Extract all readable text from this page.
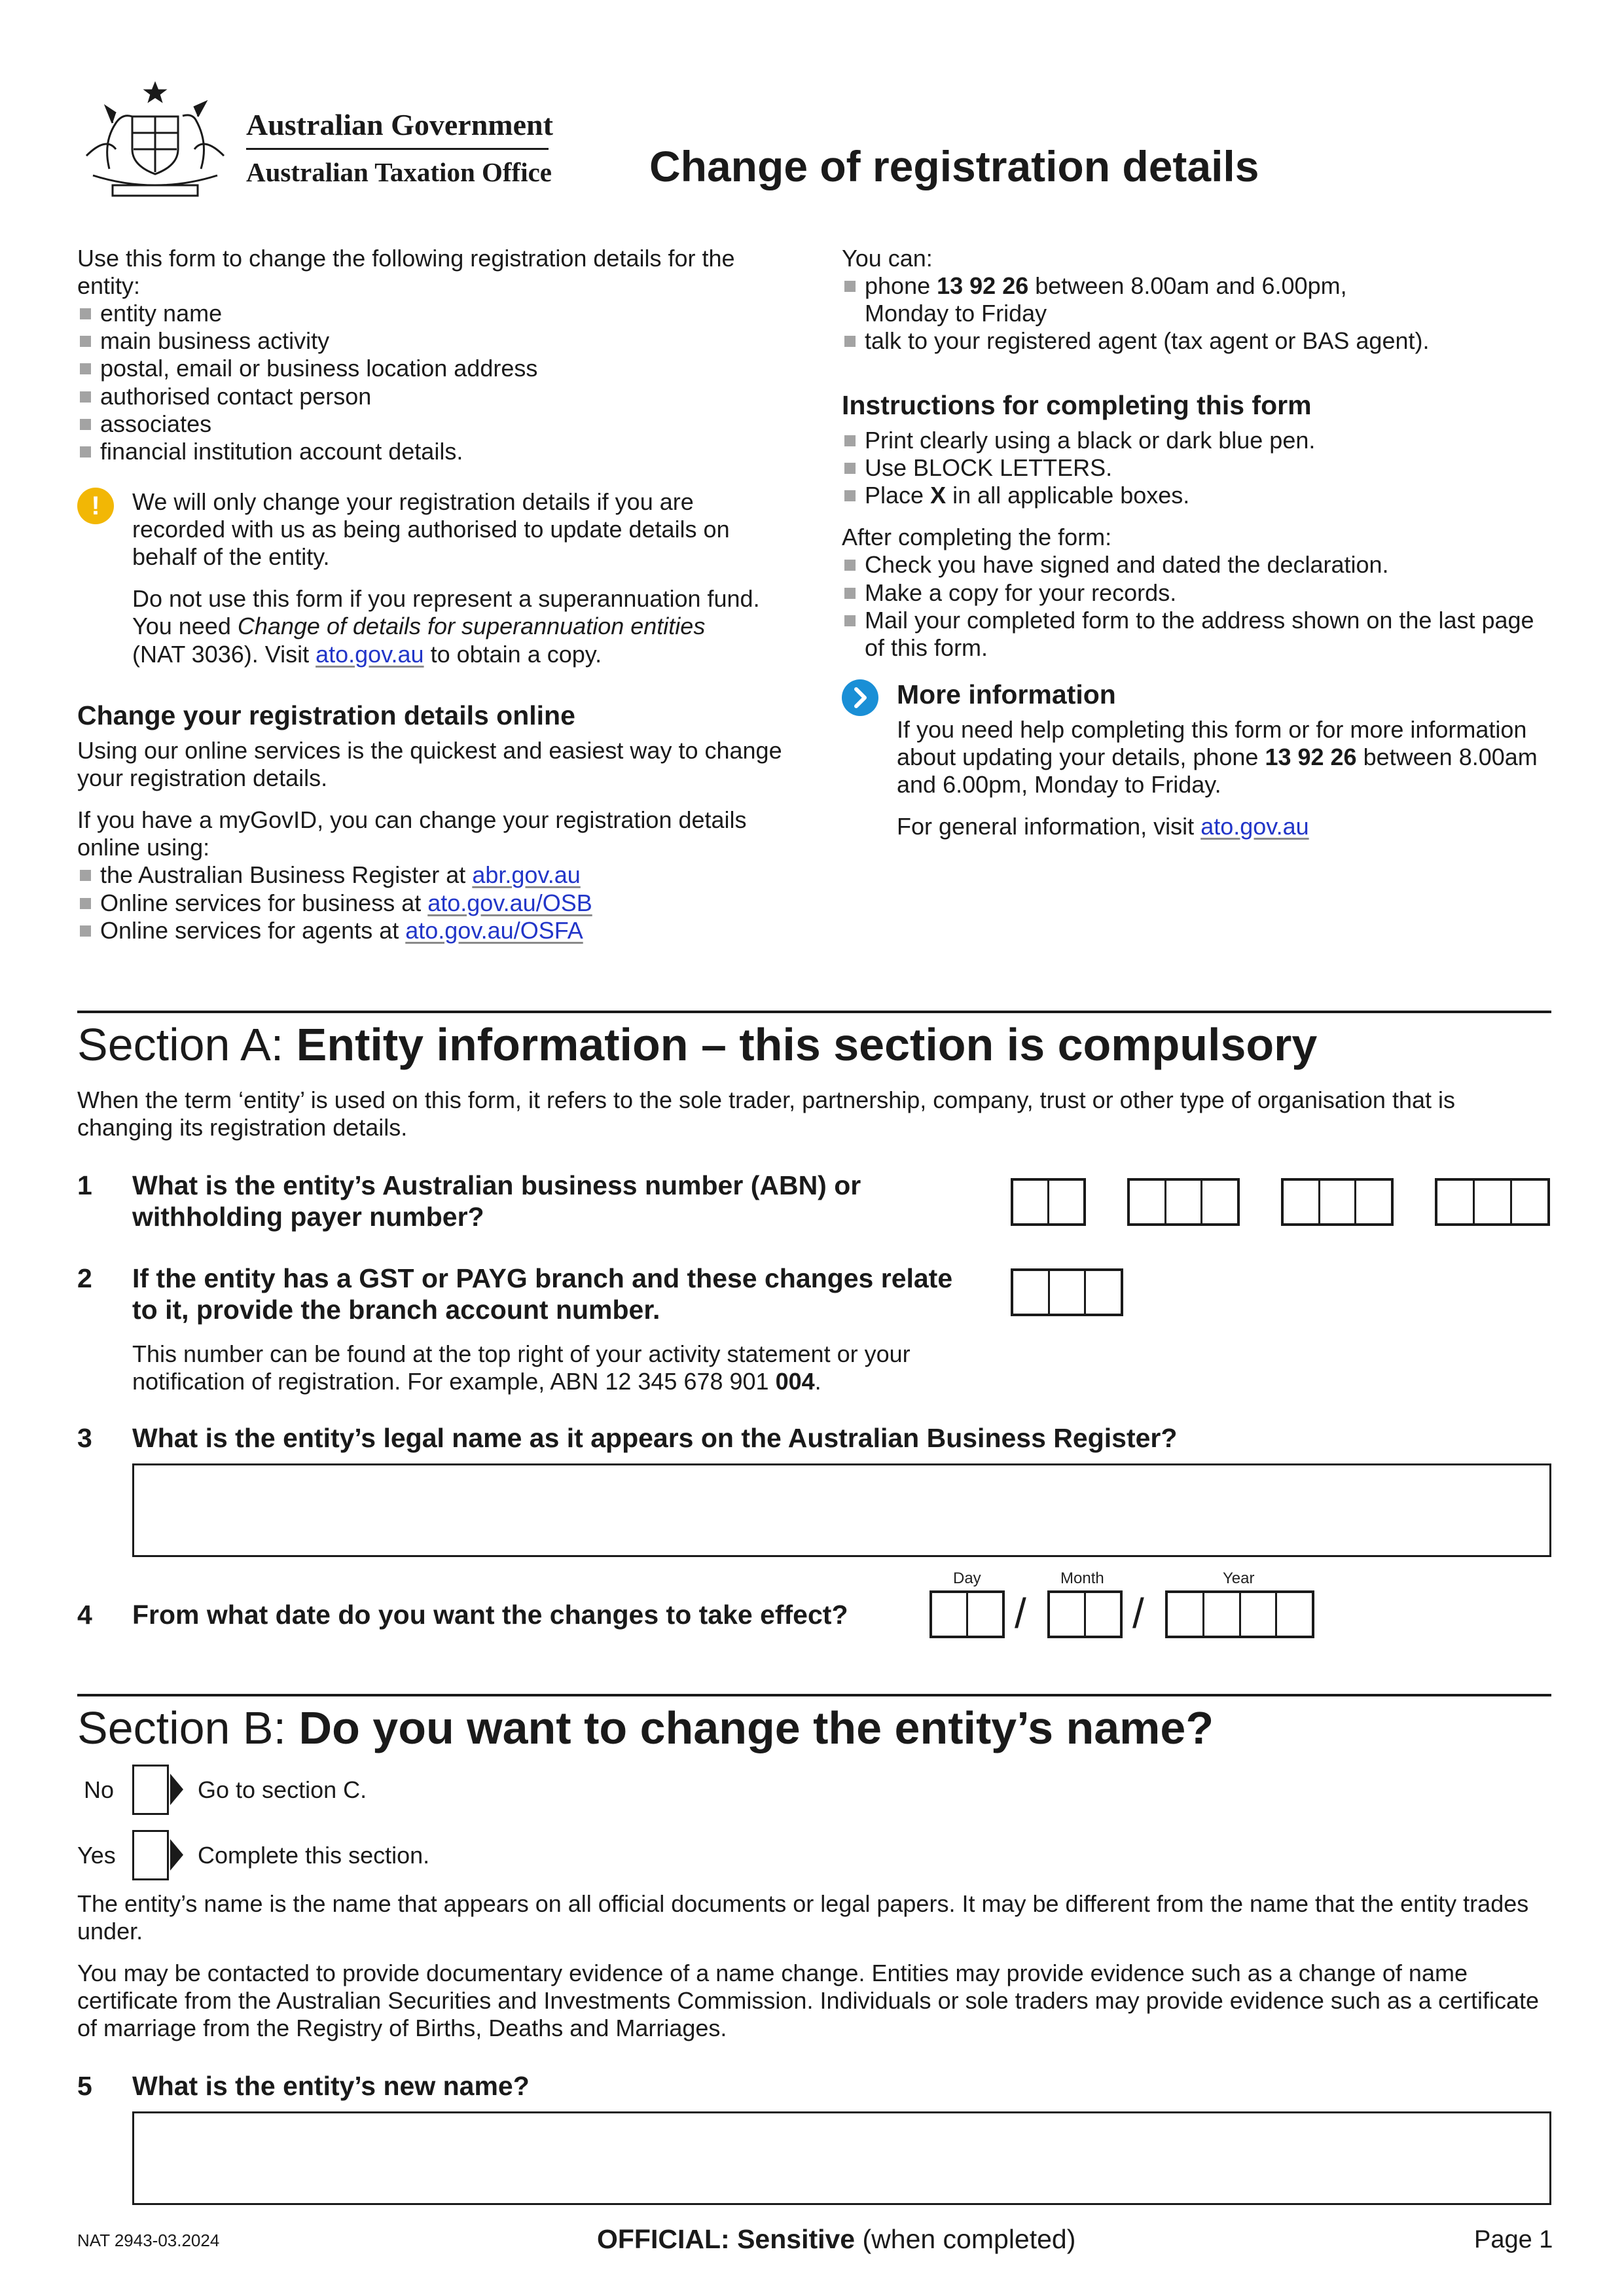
Australian Government
Australian Taxation Office Change of registration details

Use this form to change the following registration details for the entity:

entity name
main business activity
postal, email or business location address
authorised contact person
associates
financial institution account details.
!	We will only change your registration details if you are recorded with us as being authorised to update details on behalf of the entity.

Do not use this form if you represent a superannuation fund. You need Change of details for superannuation entities (NAT 3036). Visit ato.gov.au to obtain a copy.

Change your registration details online

Using our online services is the quickest and easiest way to change your registration details.

If you have a myGovID, you can change your registration details online using:

the Australian Business Register at abr.gov.au
Online services for business at ato.gov.au/OSB
Online services for agents at ato.gov.au/OSFA

You can:

phone 13 92 26 between 8.00am and 6.00pm,
Monday to Friday
talk to your registered agent (tax agent or BAS agent).
Instructions for completing this form
Print clearly using a black or dark blue pen.
Use BLOCK LETTERS.
Place X in all applicable boxes.

After completing the form:

Check you have signed and dated the declaration.
Make a copy for your records.
Mail your completed form to the address shown on the last page of this form.
More information

If you need help completing this form or for more information about updating your details, phone 13 92 26 between 8.00am and 6.00pm, Monday to Friday.

For general information, visit ato.gov.au

Section A: Entity information – this section is compulsory
When the term ‘entity’ is used on this form, it refers to the sole trader, partnership, company, trust or other type of organisation that is changing its registration details.
1 What is the entity’s Australian business number (ABN) or withholding payer number?
2 If the entity has a GST or PAYG branch and these changes relate to it, provide the branch account number.
This number can be found at the top right of your activity statement or your notification of registration. For example, ABN 12 345 678 901 004.
3 What is the entity’s legal name as it appears on the Australian Business Register?
Day	Month	Year
4 From what date do you want the changes to take effect?	/	/
Section B: Do you want to change the entity’s name?
No	Go to section C.
Yes	Complete this section.

The entity’s name is the name that appears on all official documents or legal papers. It may be different from the name that the entity trades under.

You may be contacted to provide documentary evidence of a name change. Entities may provide evidence such as a change of name certificate from the Australian Securities and Investments Commission. Individuals or sole traders may provide evidence such as a certificate of marriage from the Registry of Births, Deaths and Marriages.

5 What is the entity’s new name?
NAT 2943-03.2024	OFFICIAL: Sensitive (when completed)	Page 1
